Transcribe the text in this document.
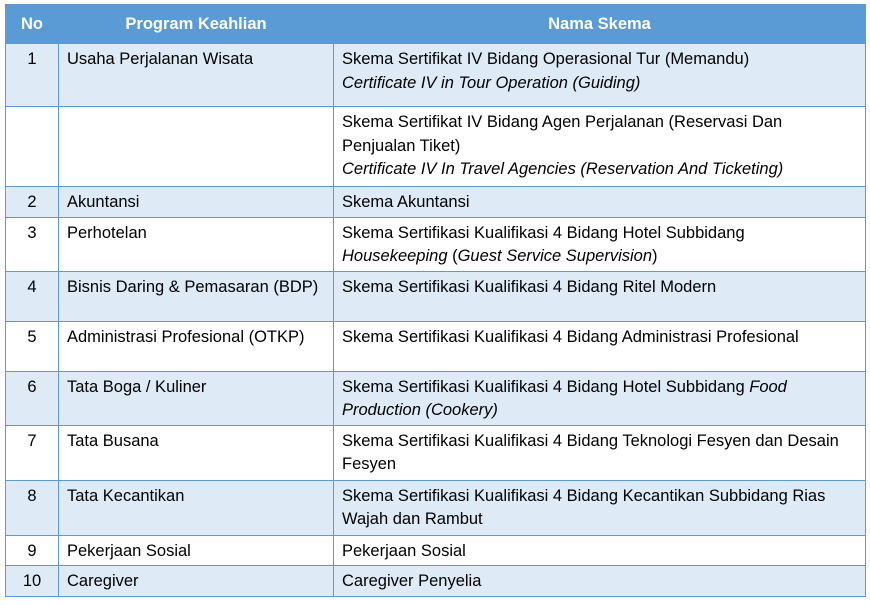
No	Program Keahlian	Nama Skema
1	Usaha Perjalanan Wisata	Skema Sertifikat IV Bidang Operasional Tur (Memandu)
Certificate IV in Tour Operation (Guiding)
		Skema Sertifikat IV Bidang Agen Perjalanan (Reservasi Dan Penjualan Tiket)
Certificate IV In Travel Agencies (Reservation And Ticketing)
2	Akuntansi	Skema Akuntansi
3	Perhotelan	Skema Sertifikasi Kualifikasi 4 Bidang Hotel Subbidang
Housekeeping (Guest Service Supervision)
4	Bisnis Daring & Pemasaran (BDP)	Skema Sertifikasi Kualifikasi 4 Bidang Ritel Modern
5	Administrasi Profesional (OTKP)	Skema Sertifikasi Kualifikasi 4 Bidang Administrasi Profesional
6	Tata Boga / Kuliner	Skema Sertifikasi Kualifikasi 4 Bidang Hotel Subbidang Food Production (Cookery)
7	Tata Busana	Skema Sertifikasi Kualifikasi 4 Bidang Teknologi Fesyen dan Desain Fesyen
8	Tata Kecantikan	Skema Sertifikasi Kualifikasi 4 Bidang Kecantikan Subbidang Rias Wajah dan Rambut
9	Pekerjaan Sosial	Pekerjaan Sosial
10	Caregiver	Caregiver Penyelia
